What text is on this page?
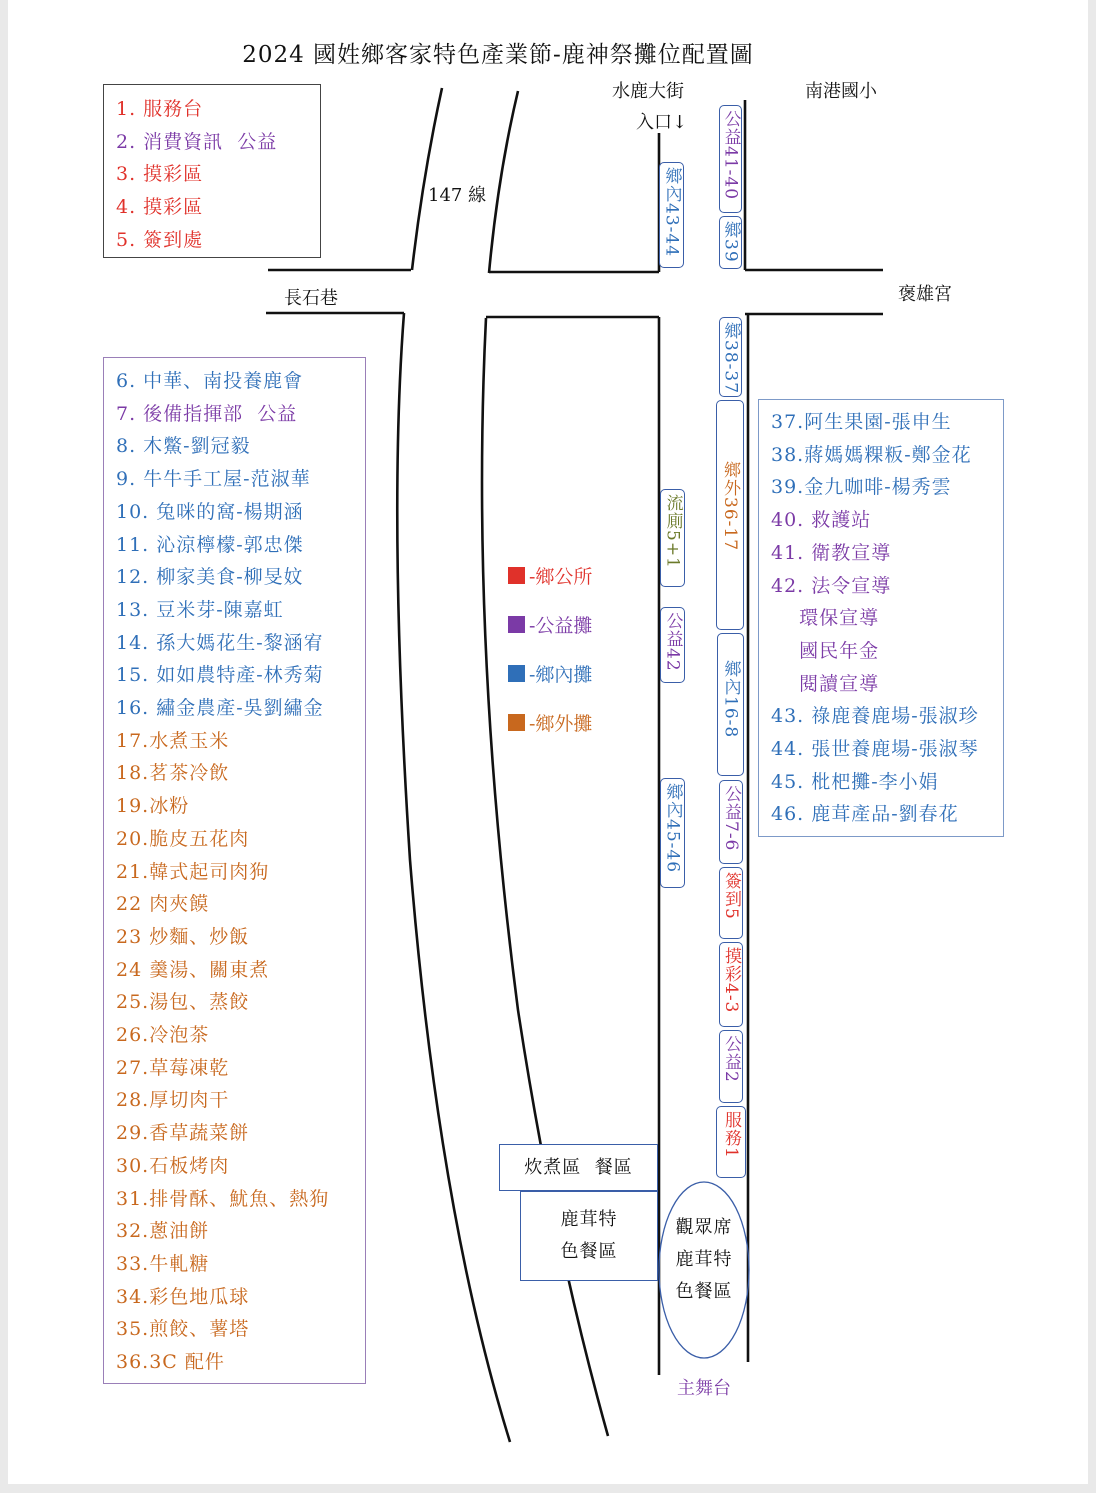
2024 國姓鄉客家特色產業節-鹿神祭攤位配置圖
水鹿大街
入口↓
南港國小
147 線
長石巷	褒雄宮
主舞台
1. 服務台
2. 消費資訊  公益
3. 摸彩區
4. 摸彩區
5. 簽到處
6. 中華、南投養鹿會
7. 後備指揮部  公益
8. 木鱉-劉冠毅
9. 牛牛手工屋-范淑華
10. 兔咪的窩-楊期涵
11. 沁涼檸檬-郭忠傑
12. 柳家美食-柳旻妏
13. 豆米芽-陳嘉虹
14. 孫大媽花生-黎涵宥
15. 如如農特產-林秀菊
16. 繡金農產-吳劉繡金
17.水煮玉米
18.茗茶冷飲
19.冰粉
20.脆皮五花肉
21.韓式起司肉狗
22 肉夾饃
23 炒麵、炒飯
24 羹湯、關東煮
25.湯包、蒸餃
26.冷泡茶
27.草莓凍乾
28.厚切肉干
29.香草蔬菜餅
30.石板烤肉
31.排骨酥、魷魚、熱狗
32.蔥油餅
33.牛軋糖
34.彩色地瓜球
35.煎餃、薯塔
36.3C 配件
37.阿生果園-張申生
38.蔣媽媽粿粄-鄭金花
39.金九咖啡-楊秀雲
40. 救護站
41. 衛教宣導
42. 法令宣導
環保宣導
國民年金
閱讀宣導
43. 祿鹿養鹿場-張淑珍
44. 張世養鹿場-張淑琴
45. 枇杷攤-李小娟
46. 鹿茸產品-劉春花
-鄉公所
-公益攤
-鄉內攤
-鄉外攤
公益41-40
鄉39
鄉內43-44
鄉38-37
鄉外36-17
鄉內16-8
公益7-6
簽到5
摸彩4-3
公益2
服務1
流廁5+1
公益42
鄉內45-46
炊煮區  餐區
鹿茸特
色餐區
觀眾席
鹿茸特
色餐區
